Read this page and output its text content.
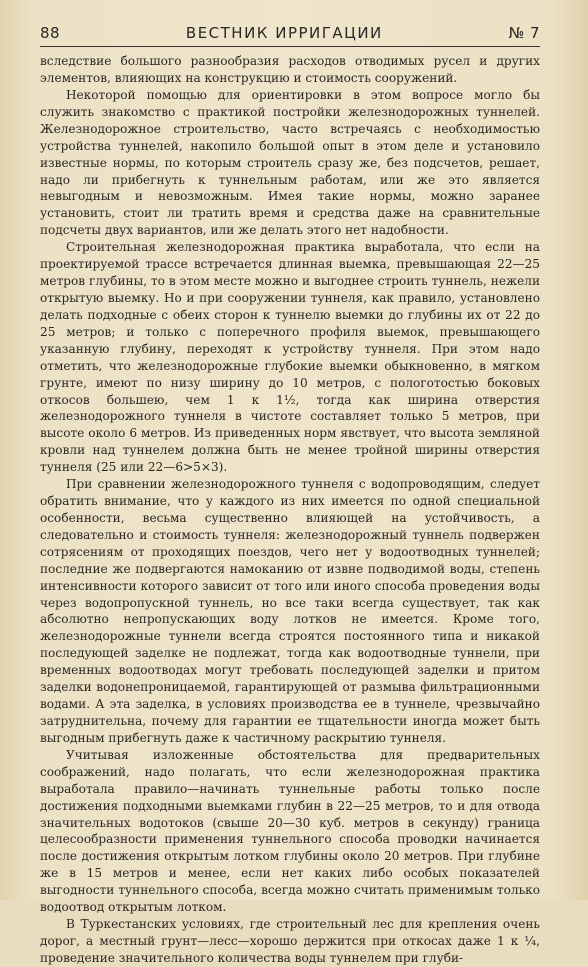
88	ВЕСТНИК ИРРИГАЦИИ	№ 7

вследствие большого разнообразия расходов отводимых русел и других элементов, влияющих на конструкцию и стоимость сооружений.

Некоторой помощью для ориентировки в этом вопросе могло бы служить знакомство с практикой постройки железнодорожных туннелей. Железнодорожное строительство, часто встречаясь с необходимостью устройства туннелей, накопило большой опыт в этом деле и установило известные нормы, по которым строитель сразу же, без подсчетов, решает, надо ли прибегнуть к туннельным работам, или же это является невыгодным и невозможным. Имея такие нормы, можно заранее установить, стоит ли тратить время и средства даже на сравнительные подсчеты двух вариантов, или же делать этого нет надобности.

Строительная железнодорожная практика выработала, что если на проектируемой трассе встречается длинная выемка, превышающая 22—25 метров глубины, то в этом месте можно и выгоднее строить туннель, нежели открытую выемку. Но и при сооружении туннеля, как правило, установлено делать подходные с обеих сторон к туннелю выемки до глубины их от 22 до 25 метров; и только с поперечного профиля выемок, превышающего указанную глубину, переходят к устройству туннеля. При этом надо отметить, что железнодорожные глубокие выемки обыкновенно, в мягком грунте, имеют по низу ширину до 10 метров, с пологотостью боковых откосов большею, чем 1 к 1½, тогда как ширина отверстия железнодорожного туннеля в чистоте составляет только 5 метров, при высоте около 6 метров. Из приведенных норм явствует, что высота земляной кровли над туннелем должна быть не менее тройной ширины отверстия туннеля (25 или 22—6>5×3).

При сравнении железнодорожного туннеля с водопроводящим, следует обратить внимание, что у каждого из них имеется по одной специальной особенности, весьма существенно влияющей на устойчивость, а следовательно и стоимость туннеля: железнодорожный туннель подвержен сотрясениям от проходящих поездов, чего нет у водоотводных туннелей; последние же подвергаются намоканию от извне подводимой воды, степень интенсивности которого зависит от того или иного способа проведения воды через водопропускной туннель, но все таки всегда существует, так как абсолютно непропускающих воду лотков не имеется. Кроме того, железнодорожные туннели всегда строятся постоянного типа и никакой последующей заделке не подлежат, тогда как водоотводные туннели, при временных водоотводах могут требовать последующей заделки и притом заделки водонепроницаемой, гарантирующей от размыва фильтрационными водами. А эта заделка, в условиях производства ее в туннеле, чрезвычайно затруднительна, почему для гарантии ее тщательности иногда может быть выгодным прибегнуть даже к частичному раскрытию туннеля.

Учитывая изложенные обстоятельства для предварительных соображений, надо полагать, что если железнодорожная практика выработала правило—начинать туннельные работы только после достижения подходными выемками глубин в 22—25 метров, то и для отвода значительных водотоков (свыше 20—30 куб. метров в секунду) граница целесообразности применения туннельного способа проводки начинается после достижения открытым лотком глубины около 20 метров. При глубине же в 15 метров и менее, если нет каких либо особых показателей выгодности туннельного способа, всегда можно считать применимым только водоотвод открытым лотком.

В Туркестанских условиях, где строительный лес для крепления очень дорог, а местный грунт—лесс—хорошо держится при откосах даже 1 к ¼, проведение значительного количества воды туннелем при глуби-
